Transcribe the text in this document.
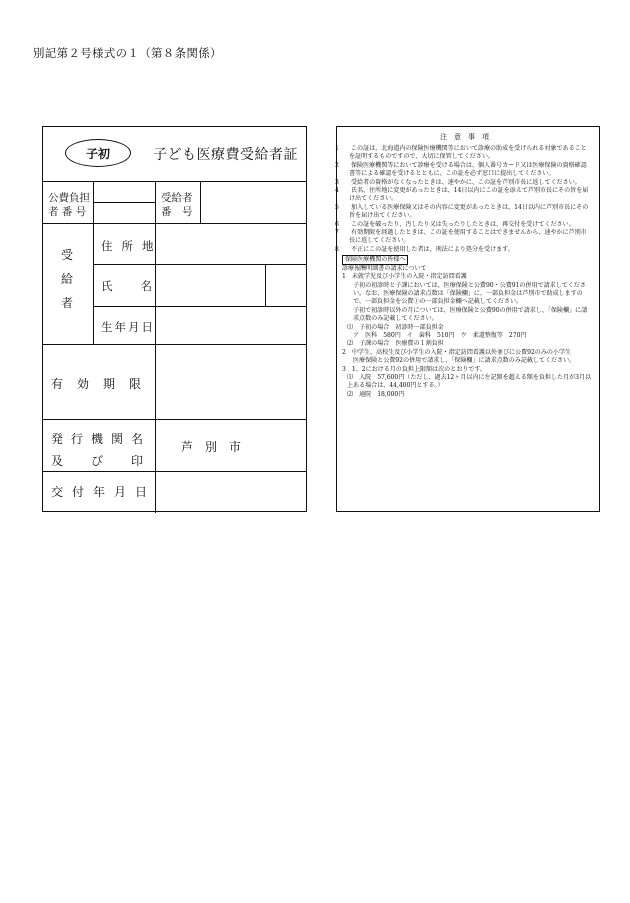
別記第２号様式の１（第８条関係）
子初	子ども医療費受給者証
公費負担
者 番 号
受給者
番　号
受
給
者
住所地
氏 名
生年月日
有効期限
発行機関名
及　び　印
芦別市
交付年月日
注意事項
1 この証は、北海道内の保険医療機関等において診療の助成を受けられる対象であることを証明するものですので、大切に保管してください。
2 保険医療機関等において診療を受ける場合は、個人番号カード又は医療保険の資格確認書等による確認を受けるとともに、この証を必ず窓口に提出してください。
3 受給者の資格がなくなったときは、速やかに、この証を芦別市長に返してください。
4 氏名、住所地に変更があったときは、14日以内にこの証を添えて芦別市長にその旨を届け出てください。
5 加入している医療保険又はその内容に変更があったときは、14日以内に芦別市長にその旨を届け出てください。
6 この証を破ったり、汚したり又は失ったりしたときは、再交付を受けてください。
7 有効期限を経過したときは、この証を使用することはできませんから、速やかに芦別市長に返してください。
8 不正にこの証を使用した者は、刑法により処分を受けます。
保険医療機関の皆様へ
診療報酬明細書の請求について
1　未就学児及び小学生の入院・指定訪問看護
子初の初診時と子課においては、医療保険と公費90・公費91の併用で請求してください。なお、医療保険の請求点数は「保険欄」に、一部負担金は芦別市で助成しますので、一部負担金を公費①の一部負担金欄へ記載してください。
子初で初診時以外の月については、医療保険と公費90の併用で請求し、「保険欄」に請求点数のみ記載してください。
⑴　子初の場合　初診時一部負担金
ア　医科　580円　イ　歯科　510円　ウ　柔道整復等　270円
⑵　子課の場合　医療費の１割負担
2　中学生、高校生及び小学生の入院・指定訪問看護以外並びに公費92のみの小学生
医療保険と公費92の併用で請求し、「保険欄」に請求点数のみ記載してください。
3　1、2における月の負担上限額は次のとおりです。
⑴　入院　57,600円（ただし、過去12ヶ月以内に左記額を超える額を負担した月が3月以上ある場合は、44,400円とする。）
⑵　通院　18,000円
